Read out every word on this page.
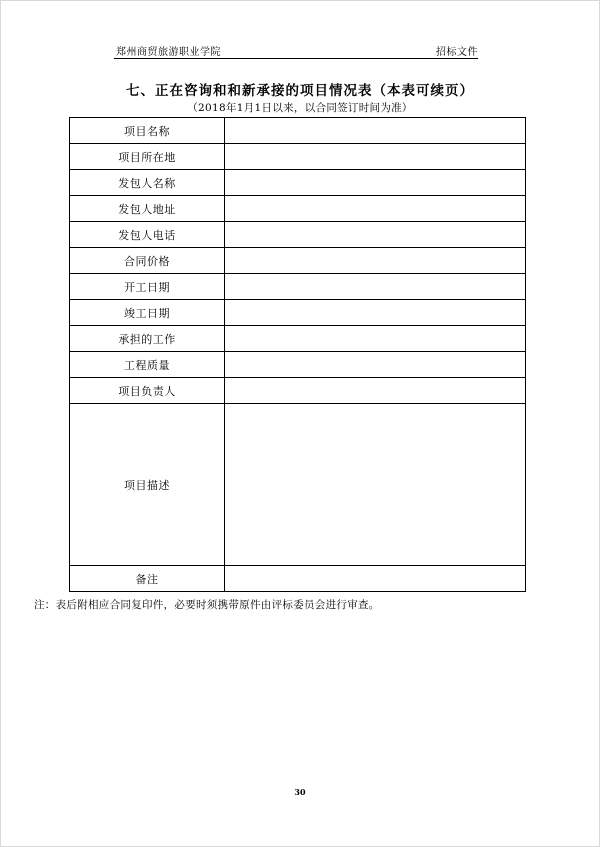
郑州商贸旅游职业学院	招标文件
七、正在咨询和和新承接的项目情况表（本表可续页）
（2018年1月1日以来，以合同签订时间为准）
项目名称	
项目所在地	
发包人名称	
发包人地址	
发包人电话	
合同价格	
开工日期	
竣工日期	
承担的工作	
工程质量	
项目负责人	
项目描述	
备注	
注：表后附相应合同复印件，必要时须携带原件由评标委员会进行审查。
30
